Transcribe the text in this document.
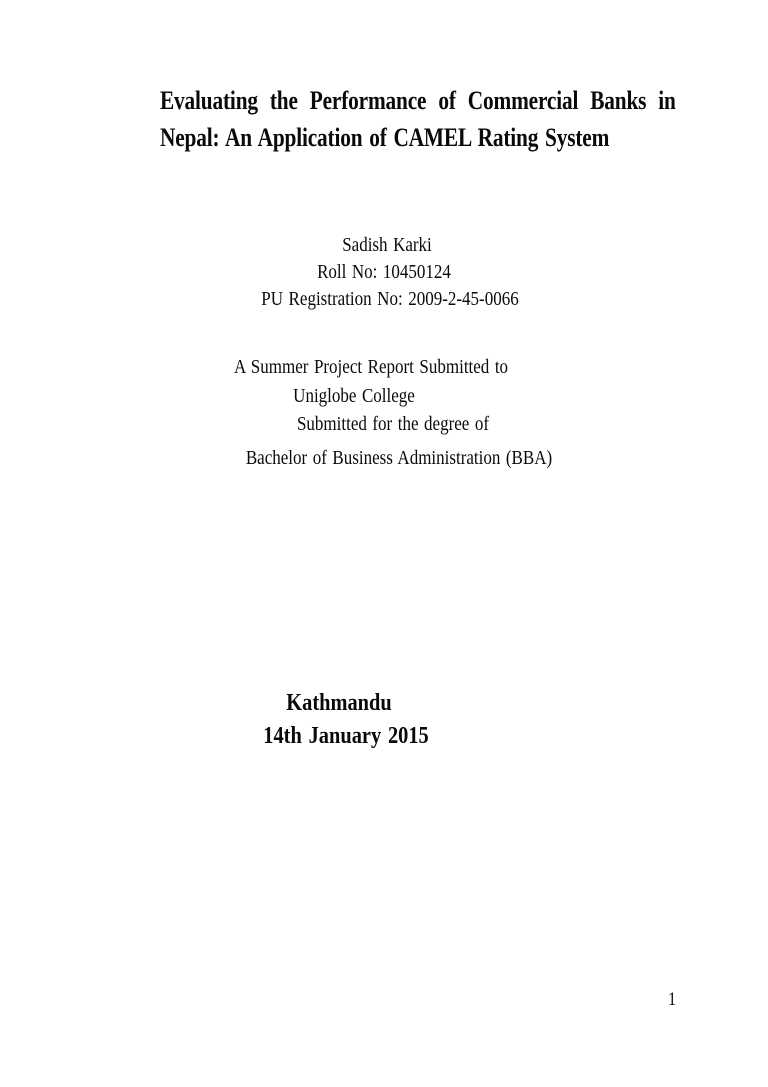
Evaluating the Performance of Commercial Banks in
Nepal: An Application of CAMEL Rating System
Sadish Karki
Roll No: 10450124
PU Registration No: 2009-2-45-0066
A Summer Project Report Submitted to
Uniglobe College
Submitted for the degree of
Bachelor of Business Administration (BBA)
Kathmandu
14th January 2015
1
